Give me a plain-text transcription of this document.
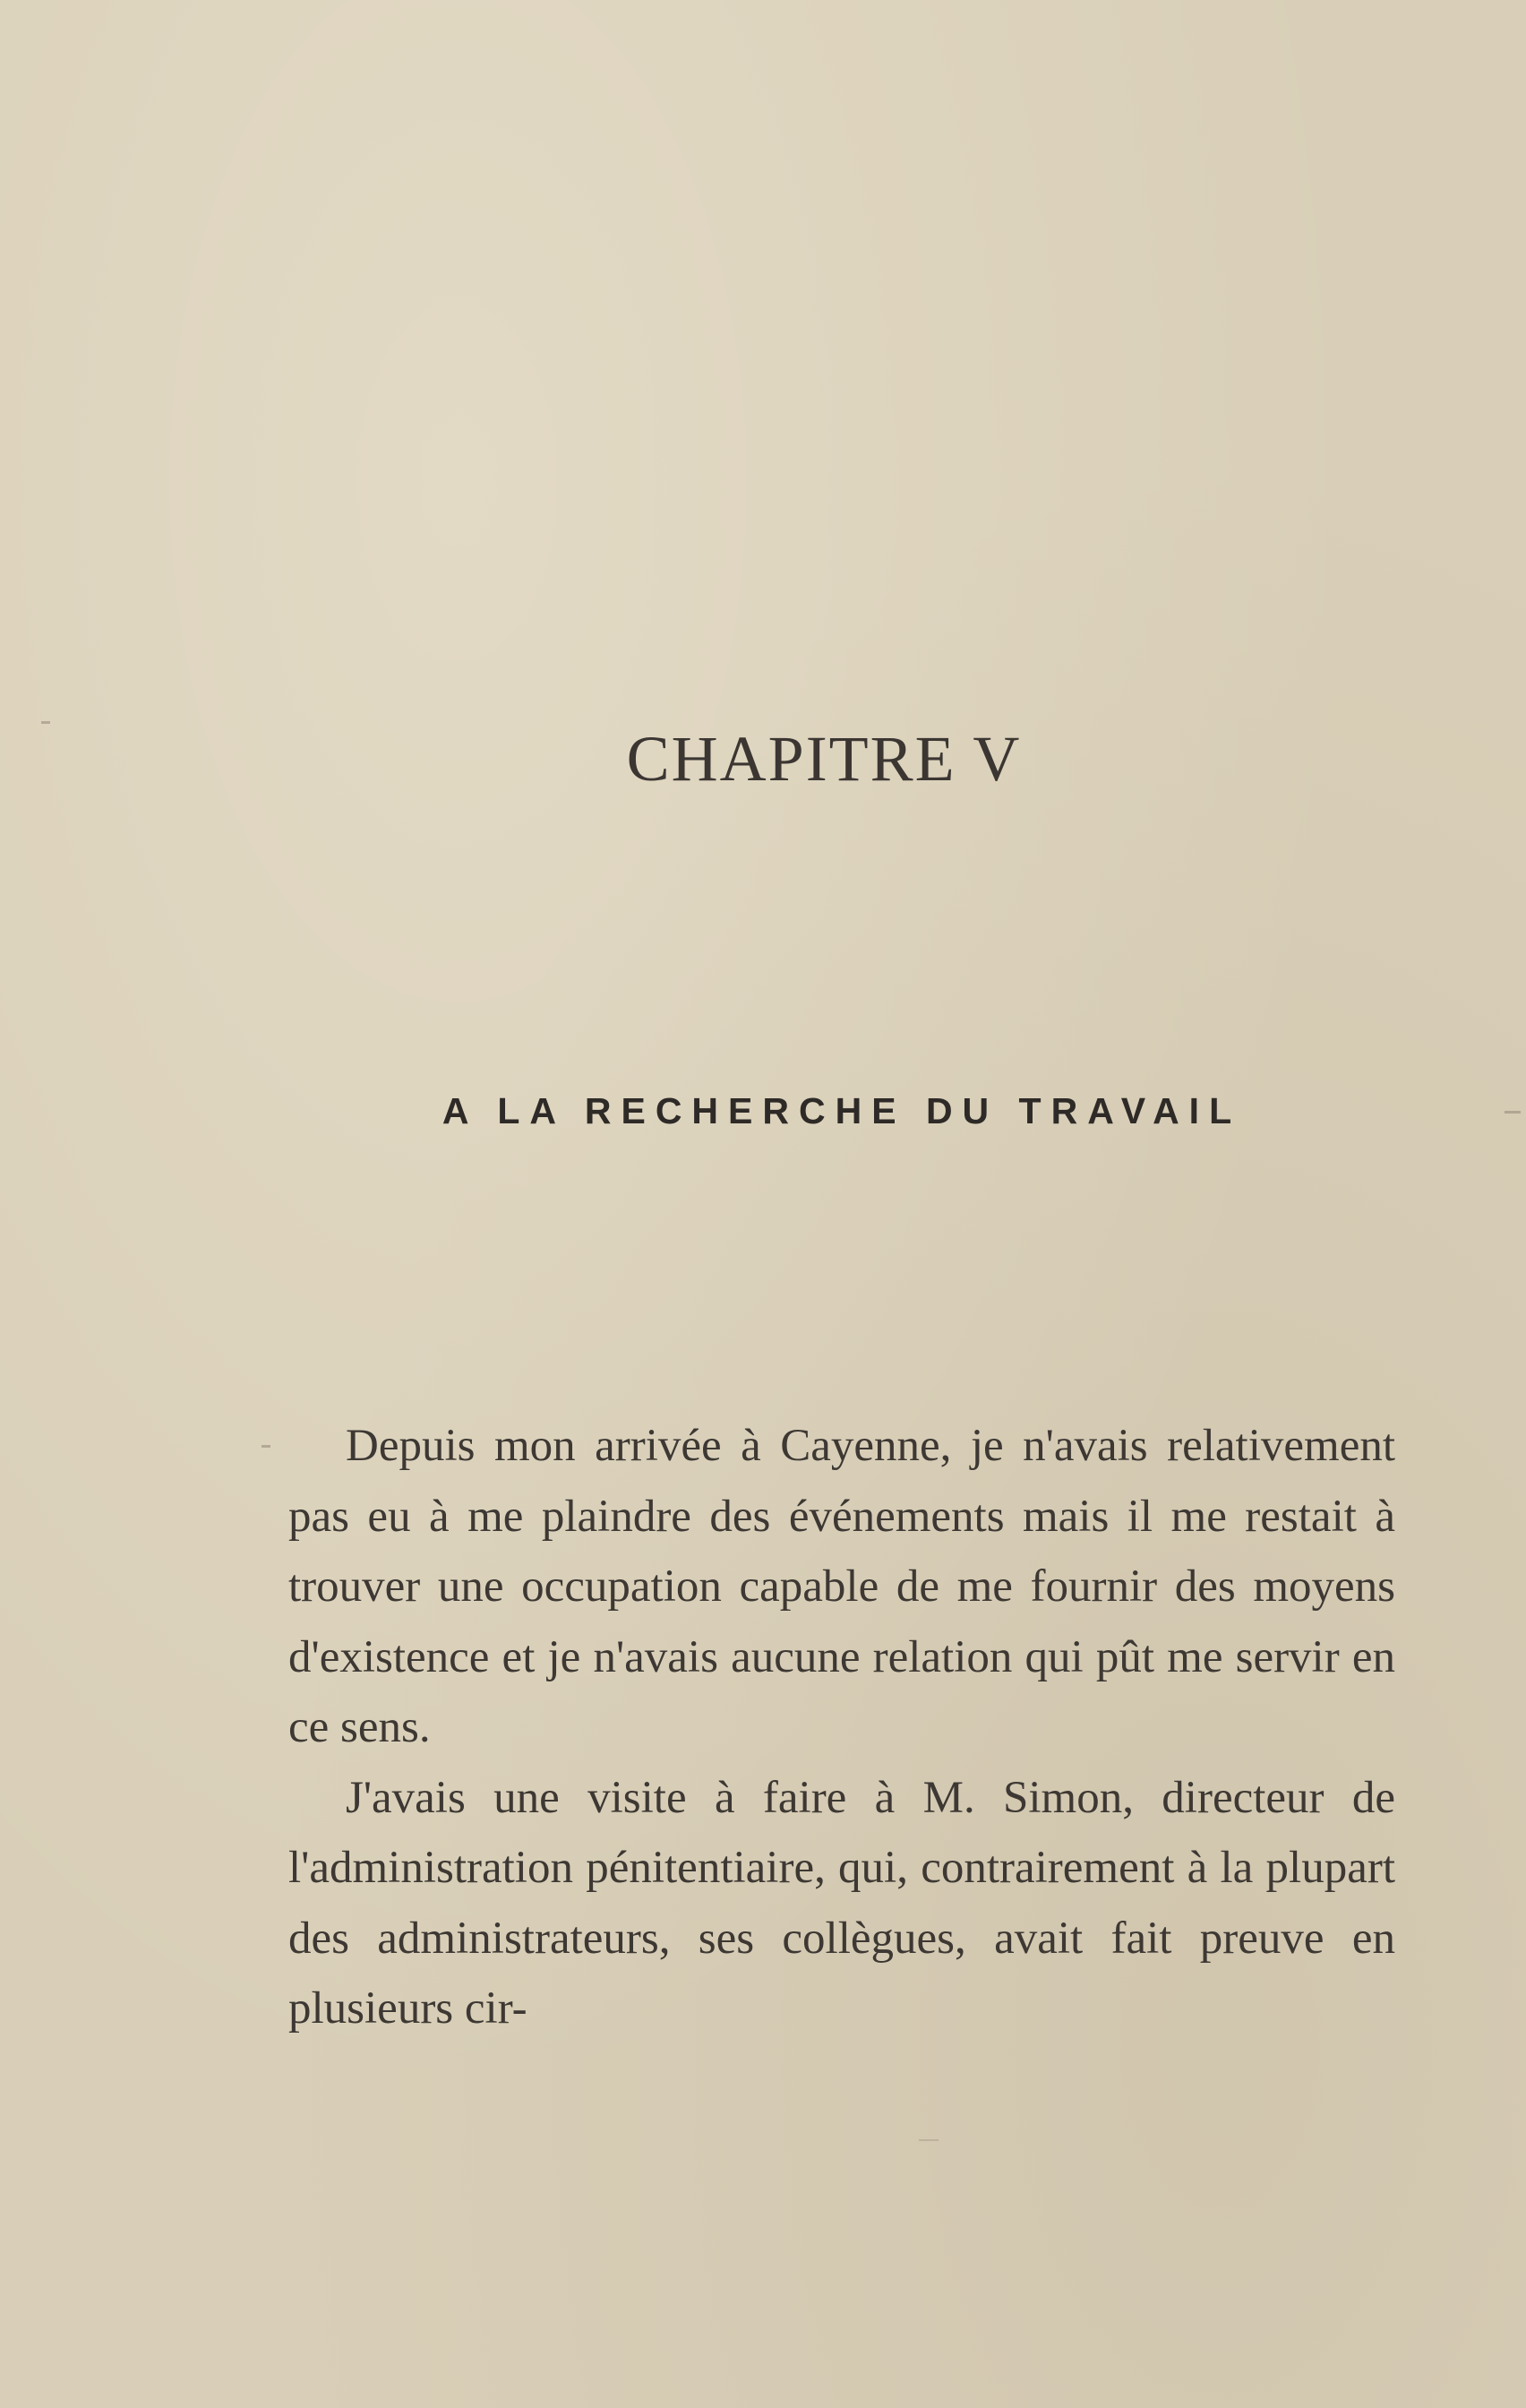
CHAPITRE V
A LA RECHERCHE DU TRAVAIL

Depuis mon arrivée à Cayenne, je n'avais relativement pas eu à me plaindre des événements mais il me restait à trouver une occupation capable de me fournir des moyens d'existence et je n'avais aucune relation qui pût me servir en ce sens.

J'avais une visite à faire à M. Simon, directeur de l'administration pénitentiaire, qui, contrairement à la plupart des administrateurs, ses collègues, avait fait preuve en plusieurs cir-
